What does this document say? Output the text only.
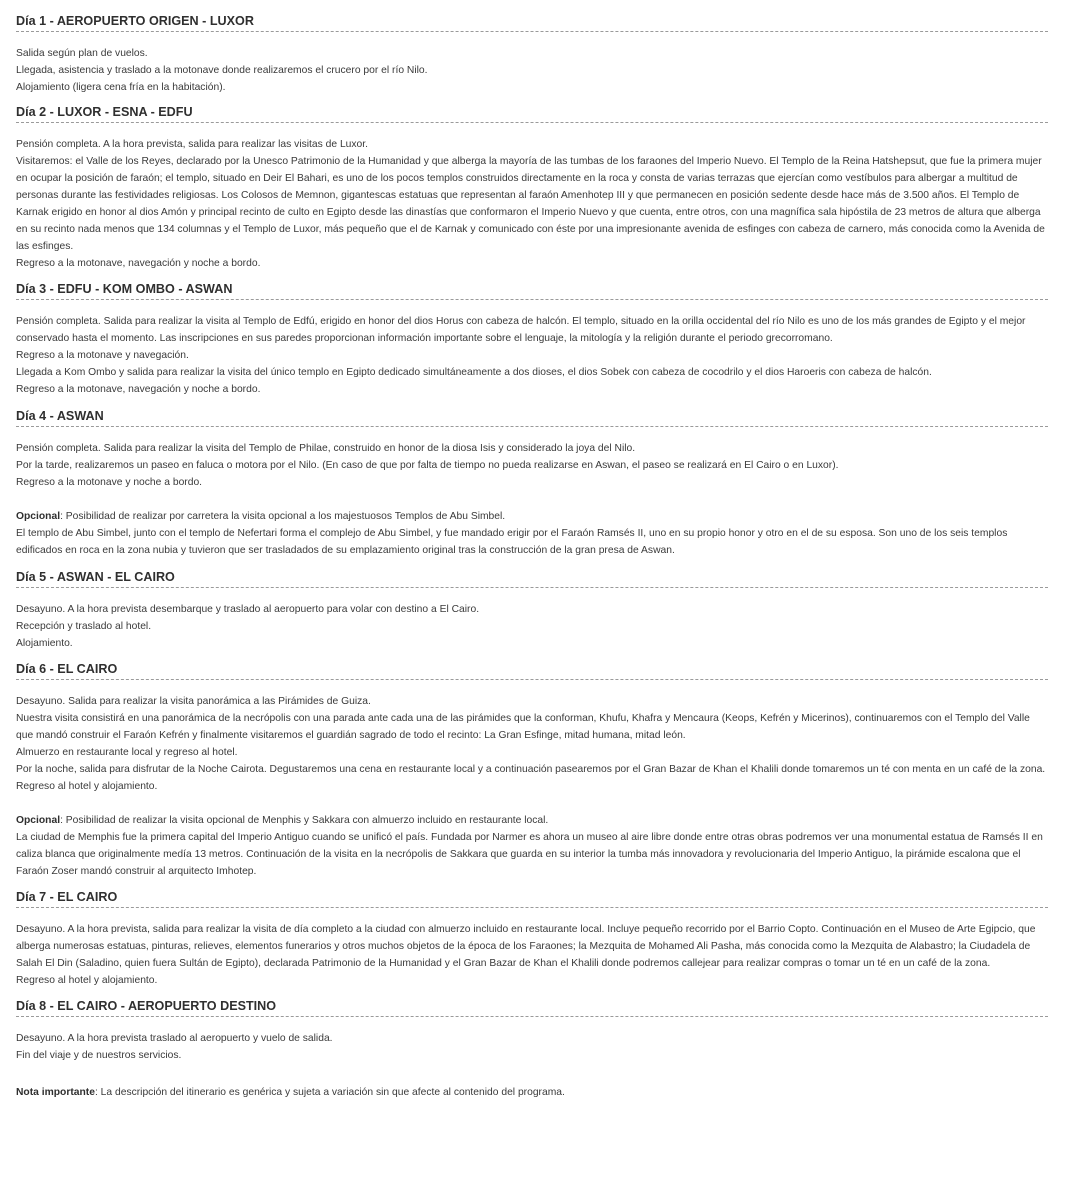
Día 1 - AEROPUERTO ORIGEN - LUXOR

Salida según plan de vuelos.

Llegada, asistencia y traslado a la motonave donde realizaremos el crucero por el río Nilo.

Alojamiento (ligera cena fría en la habitación).

Día 2 - LUXOR - ESNA - EDFU

Pensión completa. A la hora prevista, salida para realizar las visitas de Luxor.

Visitaremos: el Valle de los Reyes, declarado por la Unesco Patrimonio de la Humanidad y que alberga la mayoría de las tumbas de los faraones del Imperio Nuevo. El Templo de la Reina Hatshepsut, que fue la primera mujer en ocupar la posición de faraón; el templo, situado en Deir El Bahari, es uno de los pocos templos construidos directamente en la roca y consta de varias terrazas que ejercían como vestíbulos para albergar a multitud de personas durante las festividades religiosas. Los Colosos de Memnon, gigantescas estatuas que representan al faraón Amenhotep III y que permanecen en posición sedente desde hace más de 3.500 años. El Templo de Karnak erigido en honor al dios Amón y principal recinto de culto en Egipto desde las dinastías que conformaron el Imperio Nuevo y que cuenta, entre otros, con una magnífica sala hipóstila de 23 metros de altura que alberga en su recinto nada menos que 134 columnas y el Templo de Luxor, más pequeño que el de Karnak y comunicado con éste por una impresionante avenida de esfinges con cabeza de carnero, más conocida como la Avenida de las esfinges.

Regreso a la motonave, navegación y noche a bordo.

Día 3 - EDFU - KOM OMBO - ASWAN

Pensión completa. Salida para realizar la visita al Templo de Edfú, erigido en honor del dios Horus con cabeza de halcón. El templo, situado en la orilla occidental del río Nilo es uno de los más grandes de Egipto y el mejor conservado hasta el momento. Las inscripciones en sus paredes proporcionan información importante sobre el lenguaje, la mitología y la religión durante el periodo grecorromano.

Regreso a la motonave y navegación.

Llegada a Kom Ombo y salida para realizar la visita del único templo en Egipto dedicado simultáneamente a dos dioses, el dios Sobek con cabeza de cocodrilo y el dios Haroeris con cabeza de halcón.

Regreso a la motonave, navegación y noche a bordo.

Día 4 - ASWAN

Pensión completa. Salida para realizar la visita del Templo de Philae, construido en honor de la diosa Isis y considerado la joya del Nilo.

Por la tarde, realizaremos un paseo en faluca o motora por el Nilo. (En caso de que por falta de tiempo no pueda realizarse en Aswan, el paseo se realizará en El Cairo o en Luxor).

Regreso a la motonave y noche a bordo.

Opcional: Posibilidad de realizar por carretera la visita opcional a los majestuosos Templos de Abu Simbel.

El templo de Abu Simbel, junto con el templo de Nefertari forma el complejo de Abu Simbel, y fue mandado erigir por el Faraón Ramsés II, uno en su propio honor y otro en el de su esposa. Son uno de los seis templos edificados en roca en la zona nubia y tuvieron que ser trasladados de su emplazamiento original tras la construcción de la gran presa de Aswan.

Día 5 - ASWAN - EL CAIRO

Desayuno. A la hora prevista desembarque y traslado al aeropuerto para volar con destino a El Cairo.

Recepción y traslado al hotel.

Alojamiento.

Día 6 - EL CAIRO

Desayuno. Salida para realizar la visita panorámica a las Pirámides de Guiza.

Nuestra visita consistirá en una panorámica de la necrópolis con una parada ante cada una de las pirámides que la conforman, Khufu, Khafra y Mencaura (Keops, Kefrén y Micerinos), continuaremos con el Templo del Valle que mandó construir el Faraón Kefrén y finalmente visitaremos el guardián sagrado de todo el recinto: La Gran Esfinge, mitad humana, mitad león.

Almuerzo en restaurante local y regreso al hotel.

Por la noche, salida para disfrutar de la Noche Cairota. Degustaremos una cena en restaurante local y a continuación pasearemos por el Gran Bazar de Khan el Khalili donde tomaremos un té con menta en un café de la zona.

Regreso al hotel y alojamiento.

Opcional: Posibilidad de realizar la visita opcional de Menphis y Sakkara con almuerzo incluido en restaurante local.

La ciudad de Memphis fue la primera capital del Imperio Antiguo cuando se unificó el país. Fundada por Narmer es ahora un museo al aire libre donde entre otras obras podremos ver una monumental estatua de Ramsés II en caliza blanca que originalmente medía 13 metros. Continuación de la visita en la necrópolis de Sakkara que guarda en su interior la tumba más innovadora y revolucionaria del Imperio Antiguo, la pirámide escalona que el Faraón Zoser mandó construir al arquitecto Imhotep.

Día 7 - EL CAIRO

Desayuno. A la hora prevista, salida para realizar la visita de día completo a la ciudad con almuerzo incluido en restaurante local. Incluye pequeño recorrido por el Barrio Copto. Continuación en el Museo de Arte Egipcio, que alberga numerosas estatuas, pinturas, relieves, elementos funerarios y otros muchos objetos de la época de los Faraones; la Mezquita de Mohamed Ali Pasha, más conocida como la Mezquita de Alabastro; la Ciudadela de Salah El Din (Saladino, quien fuera Sultán de Egipto), declarada Patrimonio de la Humanidad y el Gran Bazar de Khan el Khalili donde podremos callejear para realizar compras o tomar un té en un café de la zona.

Regreso al hotel y alojamiento.

Día 8 - EL CAIRO - AEROPUERTO DESTINO

Desayuno. A la hora prevista traslado al aeropuerto y vuelo de salida.

Fin del viaje y de nuestros servicios.

Nota importante: La descripción del itinerario es genérica y sujeta a variación sin que afecte al contenido del programa.
